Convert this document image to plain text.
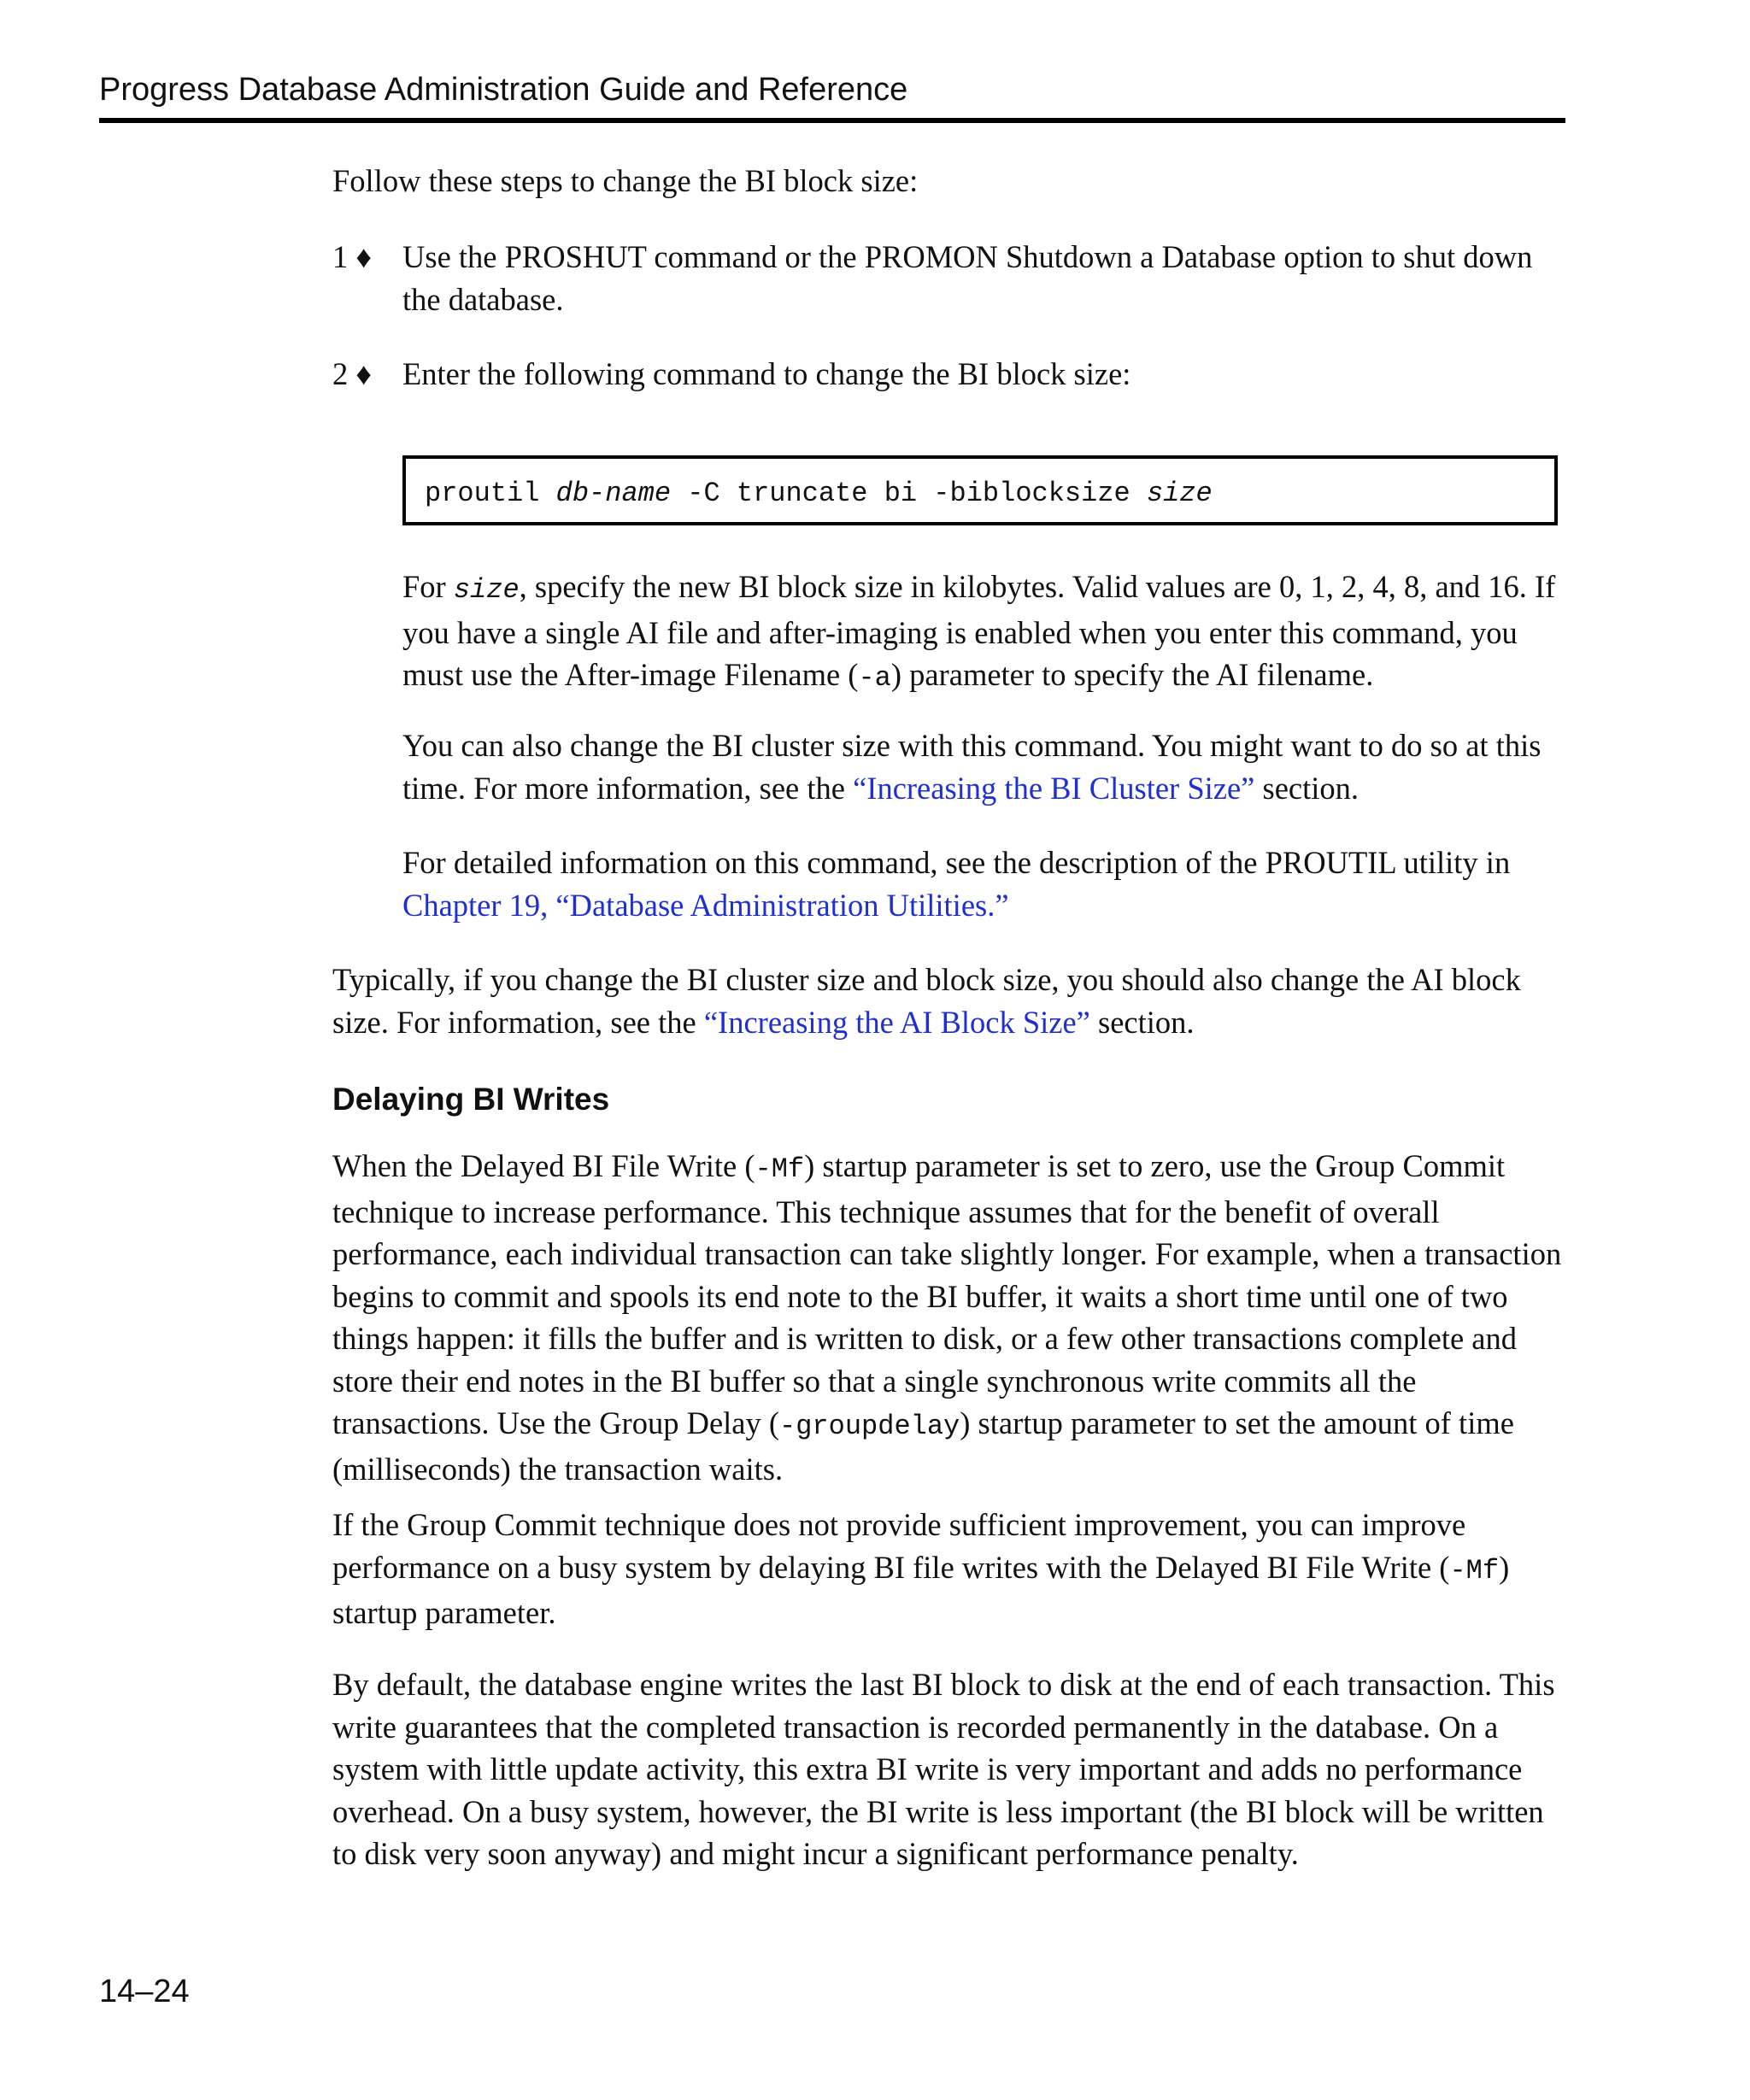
Progress Database Administration Guide and Reference

Follow these steps to change the BI block size:

1 ♦ Use the PROSHUT command or the PROMON Shutdown a Database option to shut down the database.

2 ♦ Enter the following command to change the BI block size:

proutil db-name -C truncate bi -biblocksize size

For size, specify the new BI block size in kilobytes. Valid values are 0, 1, 2, 4, 8, and 16. If you have a single AI file and after-imaging is enabled when you enter this command, you must use the After-image Filename (-a) parameter to specify the AI filename.

You can also change the BI cluster size with this command. You might want to do so at this time. For more information, see the “Increasing the BI Cluster Size” section.

For detailed information on this command, see the description of the PROUTIL utility in Chapter 19, “Database Administration Utilities.”

Typically, if you change the BI cluster size and block size, you should also change the AI block size. For information, see the “Increasing the AI Block Size” section.

Delaying BI Writes

When the Delayed BI File Write (-Mf) startup parameter is set to zero, use the Group Commit technique to increase performance. This technique assumes that for the benefit of overall performance, each individual transaction can take slightly longer. For example, when a transaction begins to commit and spools its end note to the BI buffer, it waits a short time until one of two things happen: it fills the buffer and is written to disk, or a few other transactions complete and store their end notes in the BI buffer so that a single synchronous write commits all the transactions. Use the Group Delay (-groupdelay) startup parameter to set the amount of time (milliseconds) the transaction waits.

If the Group Commit technique does not provide sufficient improvement, you can improve performance on a busy system by delaying BI file writes with the Delayed BI File Write (-Mf) startup parameter.

By default, the database engine writes the last BI block to disk at the end of each transaction. This write guarantees that the completed transaction is recorded permanently in the database. On a system with little update activity, this extra BI write is very important and adds no performance overhead. On a busy system, however, the BI write is less important (the BI block will be written to disk very soon anyway) and might incur a significant performance penalty.

14–24
